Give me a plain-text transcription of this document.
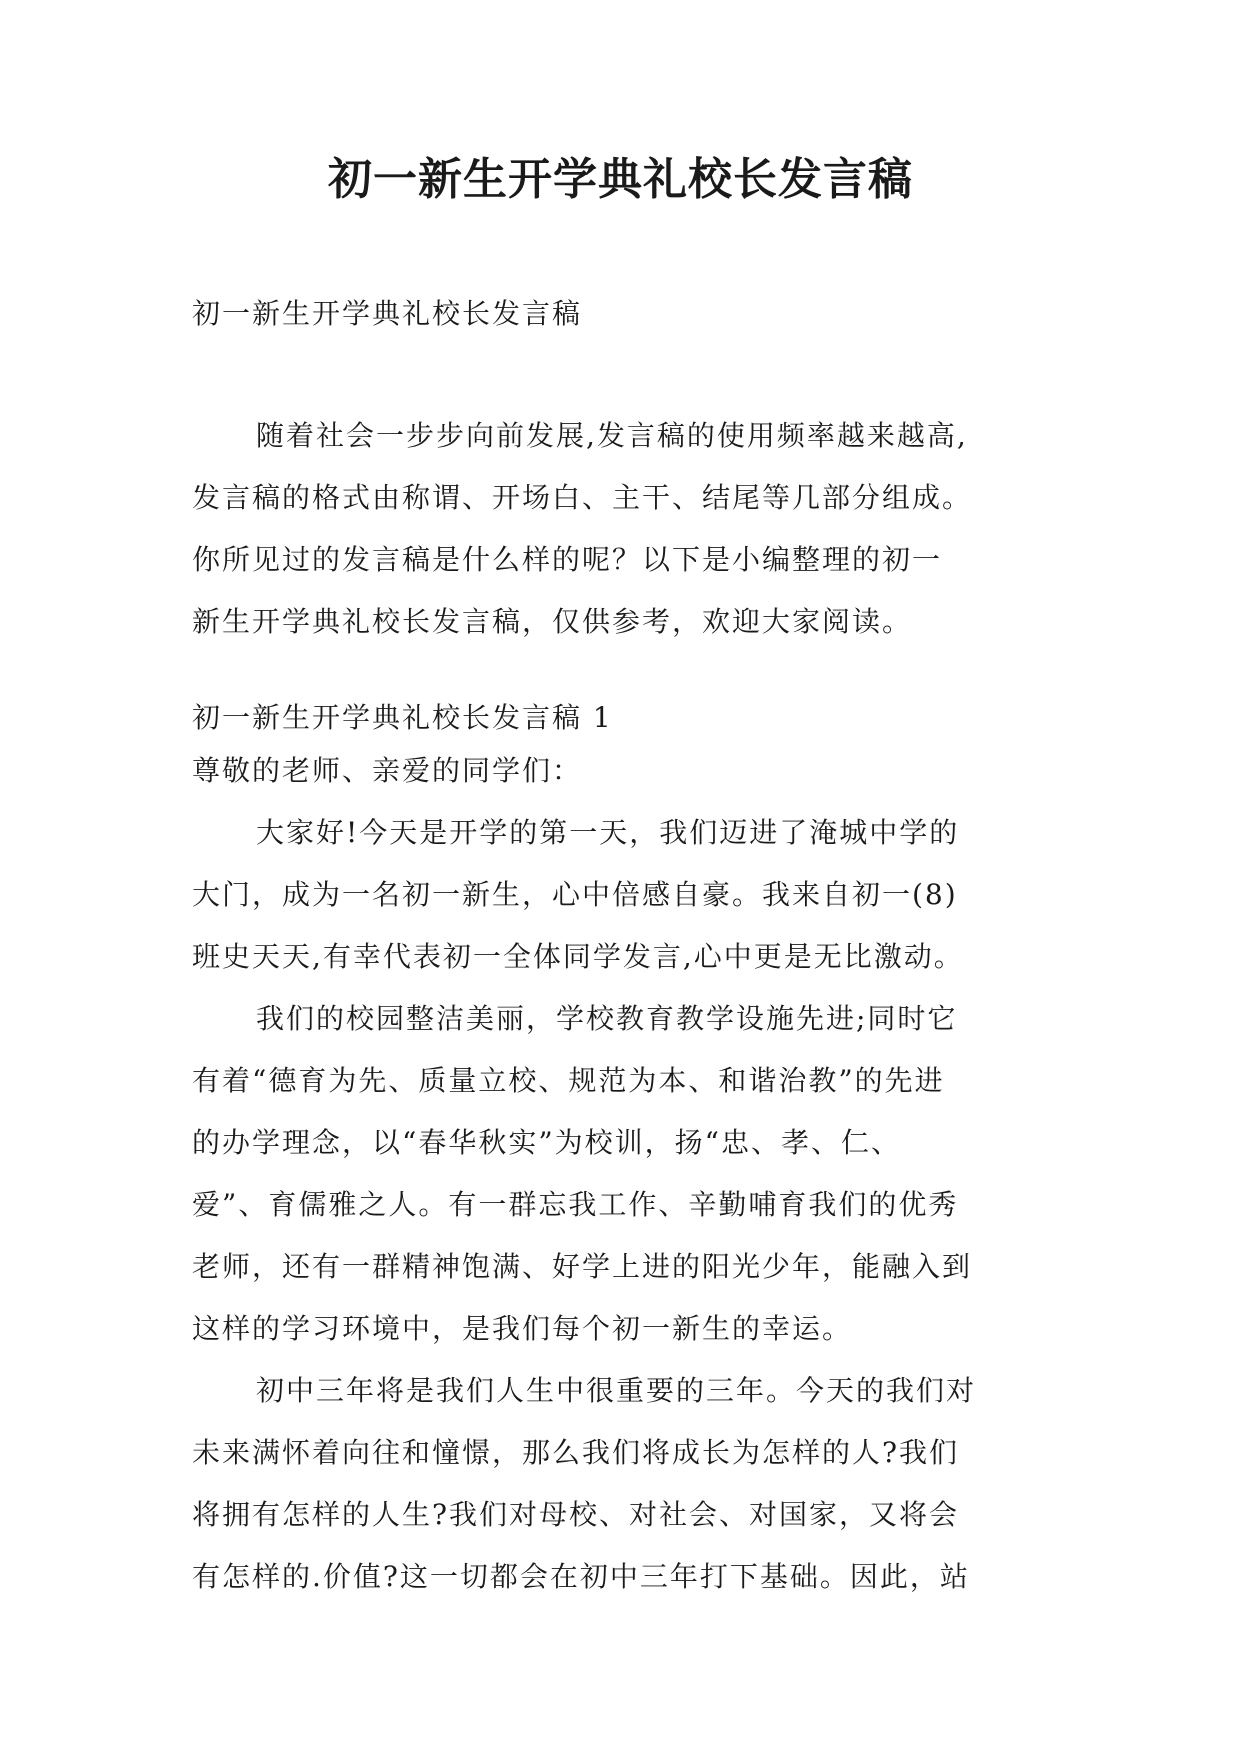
初一新生开学典礼校长发言稿

初一新生开学典礼校长发言稿

随着社会一步步向前发展,发言稿的使用频率越来越高,
发言稿的格式由称谓、开场白、主干、结尾等几部分组成。
你所见过的发言稿是什么样的呢？以下是小编整理的初一
新生开学典礼校长发言稿，仅供参考，欢迎大家阅读。
初一新生开学典礼校长发言稿 1
尊敬的老师、亲爱的同学们：
大家好!今天是开学的第一天，我们迈进了淹城中学的
大门，成为一名初一新生，心中倍感自豪。我来自初一(8)
班史天天,有幸代表初一全体同学发言,心中更是无比激动。
我们的校园整洁美丽，学校教育教学设施先进;同时它
有着“德育为先、质量立校、规范为本、和谐治教”的先进
的办学理念，以“春华秋实”为校训，扬“忠、孝、仁、
爱”、育儒雅之人。有一群忘我工作、辛勤哺育我们的优秀
老师，还有一群精神饱满、好学上进的阳光少年，能融入到
这样的学习环境中，是我们每个初一新生的幸运。
初中三年将是我们人生中很重要的三年。今天的我们对
未来满怀着向往和憧憬，那么我们将成长为怎样的人?我们
将拥有怎样的人生?我们对母校、对社会、对国家，又将会
有怎样的.价值?这一切都会在初中三年打下基础。因此，站
